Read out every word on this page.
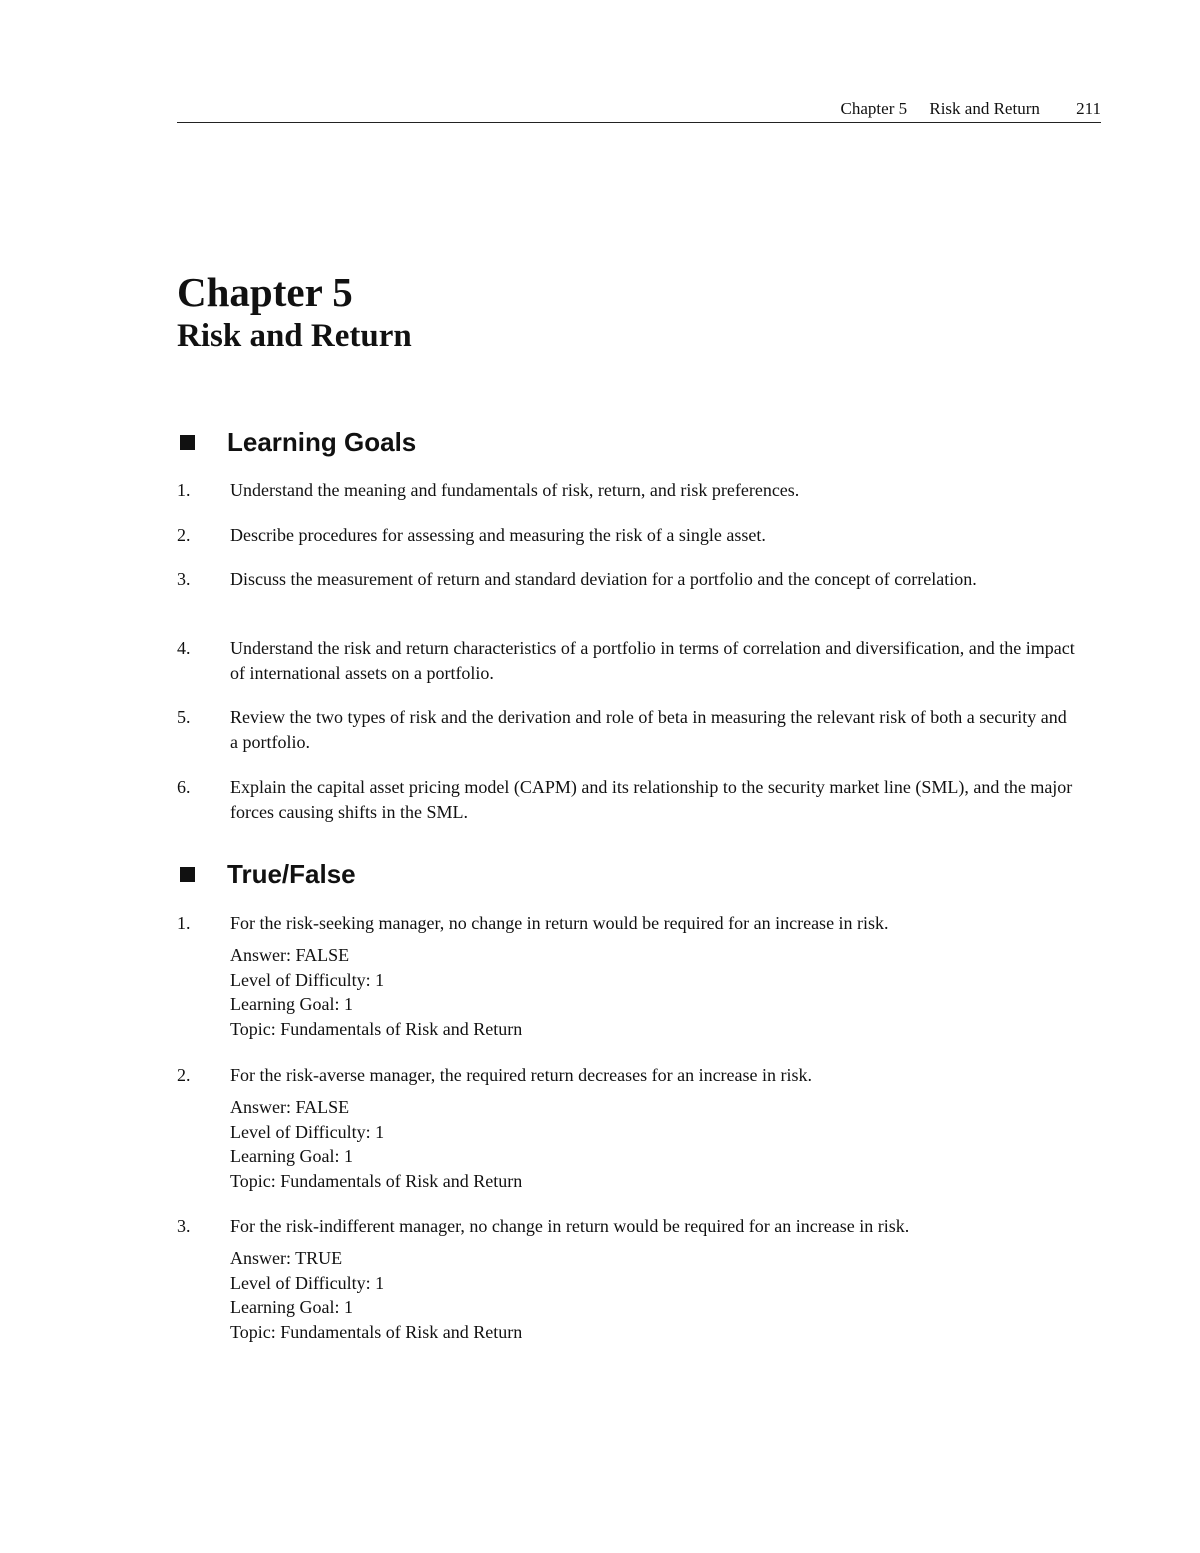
Chapter 5 Risk and Return 211
Chapter 5
Risk and Return
Learning Goals
1.	Understand the meaning and fundamentals of risk, return, and risk preferences.
2.	Describe procedures for assessing and measuring the risk of a single asset.
3.	Discuss the measurement of return and standard deviation for a portfolio and the concept of correlation.
4.	Understand the risk and return characteristics of a portfolio in terms of correlation and diversification, and the impact of international assets on a portfolio.
5.	Review the two types of risk and the derivation and role of beta in measuring the relevant risk of both a security and a portfolio.
6.	Explain the capital asset pricing model (CAPM) and its relationship to the security market line (SML), and the major forces causing shifts in the SML.
True/False
1.	For the risk-seeking manager, no change in return would be required for an increase in risk.
Answer: FALSE
Level of Difficulty: 1
Learning Goal: 1
Topic: Fundamentals of Risk and Return
2.	For the risk-averse manager, the required return decreases for an increase in risk.
Answer: FALSE
Level of Difficulty: 1
Learning Goal: 1
Topic: Fundamentals of Risk and Return
3.	For the risk-indifferent manager, no change in return would be required for an increase in risk.
Answer: TRUE
Level of Difficulty: 1
Learning Goal: 1
Topic: Fundamentals of Risk and Return
